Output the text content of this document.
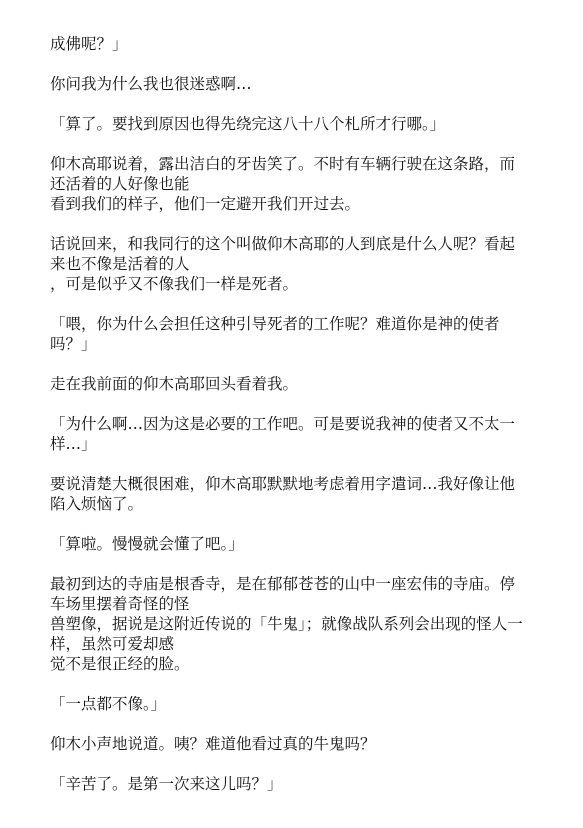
成佛呢？」

你问我为什么我也很迷惑啊…

「算了。要找到原因也得先绕完这八十八个札所才行哪。」

仰木高耶说着，露出洁白的牙齿笑了。不时有车辆行驶在这条路，而还活着的人好像也能
看到我们的样子，他们一定避开我们开过去。

话说回来，和我同行的这个叫做仰木高耶的人到底是什么人呢？看起来也不像是活着的人
，可是似乎又不像我们一样是死者。

「喂，你为什么会担任这种引导死者的工作呢？难道你是神的使者吗？」

走在我前面的仰木高耶回头看着我。

「为什么啊…因为这是必要的工作吧。可是要说我神的使者又不太一样…」

要说清楚大概很困难，仰木高耶默默地考虑着用字遣词…我好像让他陷入烦恼了。

「算啦。慢慢就会懂了吧。」

最初到达的寺庙是根香寺，是在郁郁苍苍的山中一座宏伟的寺庙。停车场里摆着奇怪的怪
兽塑像，据说是这附近传说的「牛鬼」；就像战队系列会出现的怪人一样，虽然可爱却感
觉不是很正经的脸。

「一点都不像。」

仰木小声地说道。咦？难道他看过真的牛鬼吗？

「辛苦了。是第一次来这儿吗？」
